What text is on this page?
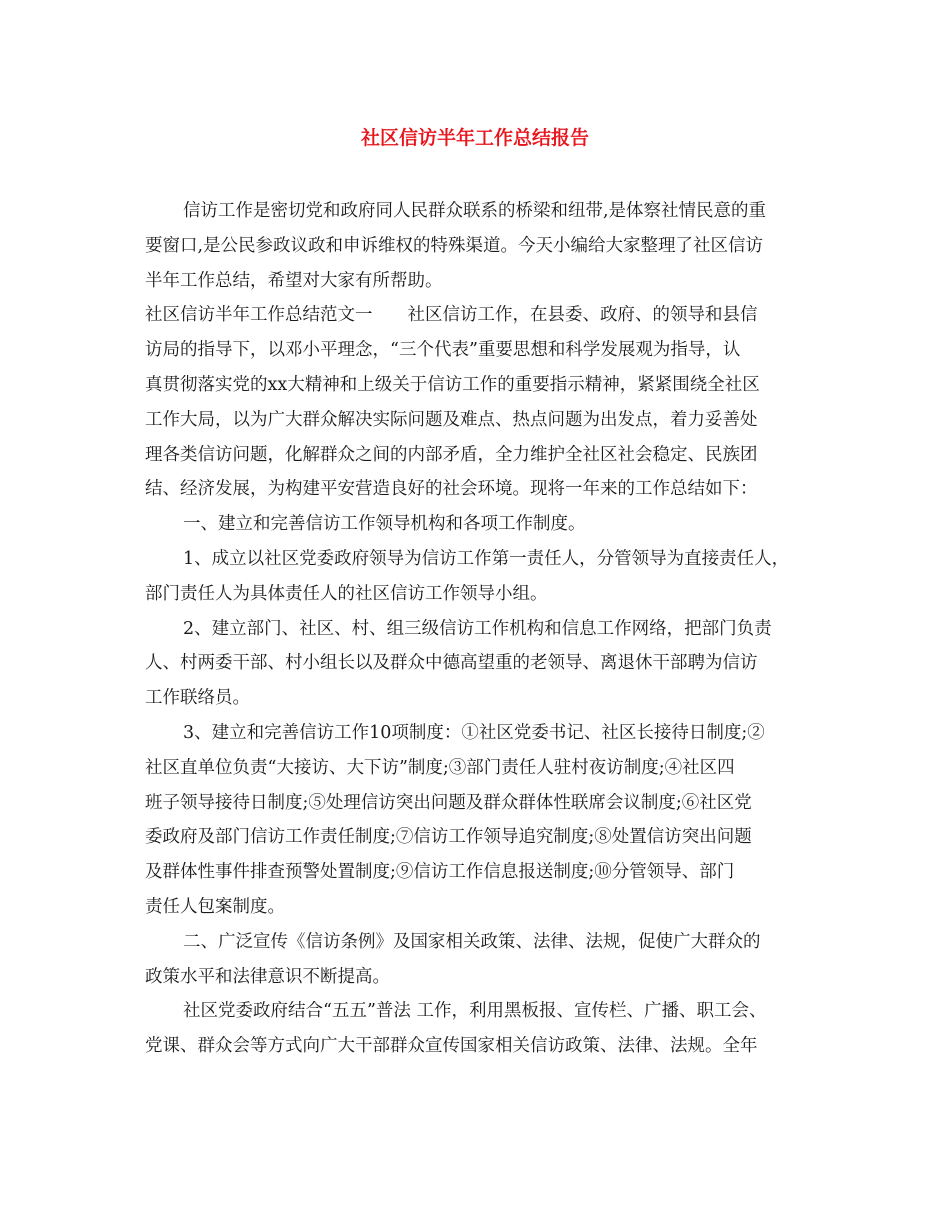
社区信访半年工作总结报告
信访工作是密切党和政府同人民群众联系的桥梁和纽带,是体察社情民意的重
要窗口,是公民参政议政和申诉维权的特殊渠道。今天小编给大家整理了社区信访
半年工作总结，希望对大家有所帮助。
社区信访半年工作总结范文一　　社区信访工作，在县委、政府、的领导和县信
访局的指导下，以邓小平理念，“三个代表”重要思想和科学发展观为指导，认
真贯彻落实党的xx大精神和上级关于信访工作的重要指示精神，紧紧围绕全社区
工作大局，以为广大群众解决实际问题及难点、热点问题为出发点，着力妥善处
理各类信访问题，化解群众之间的内部矛盾，全力维护全社区社会稳定、民族团
结、经济发展，为构建平安营造良好的社会环境。现将一年来的工作总结如下：
一、建立和完善信访工作领导机构和各项工作制度。
1、成立以社区党委政府领导为信访工作第一责任人，分管领导为直接责任人，
部门责任人为具体责任人的社区信访工作领导小组。
2、建立部门、社区、村、组三级信访工作机构和信息工作网络，把部门负责
人、村两委干部、村小组长以及群众中德高望重的老领导、离退休干部聘为信访
工作联络员。
3、建立和完善信访工作10项制度：①社区党委书记、社区长接待日制度;②
社区直单位负责“大接访、大下访”制度;③部门责任人驻村夜访制度;④社区四
班子领导接待日制度;⑤处理信访突出问题及群众群体性联席会议制度;⑥社区党
委政府及部门信访工作责任制度;⑦信访工作领导追究制度;⑧处置信访突出问题
及群体性事件排查预警处置制度;⑨信访工作信息报送制度;⑩分管领导、部门
责任人包案制度。
二、广泛宣传《信访条例》及国家相关政策、法律、法规，促使广大群众的
政策水平和法律意识不断提高。
社区党委政府结合“五五”普法 工作，利用黑板报、宣传栏、广播、职工会、
党课、群众会等方式向广大干部群众宣传国家相关信访政策、法律、法规。全年
